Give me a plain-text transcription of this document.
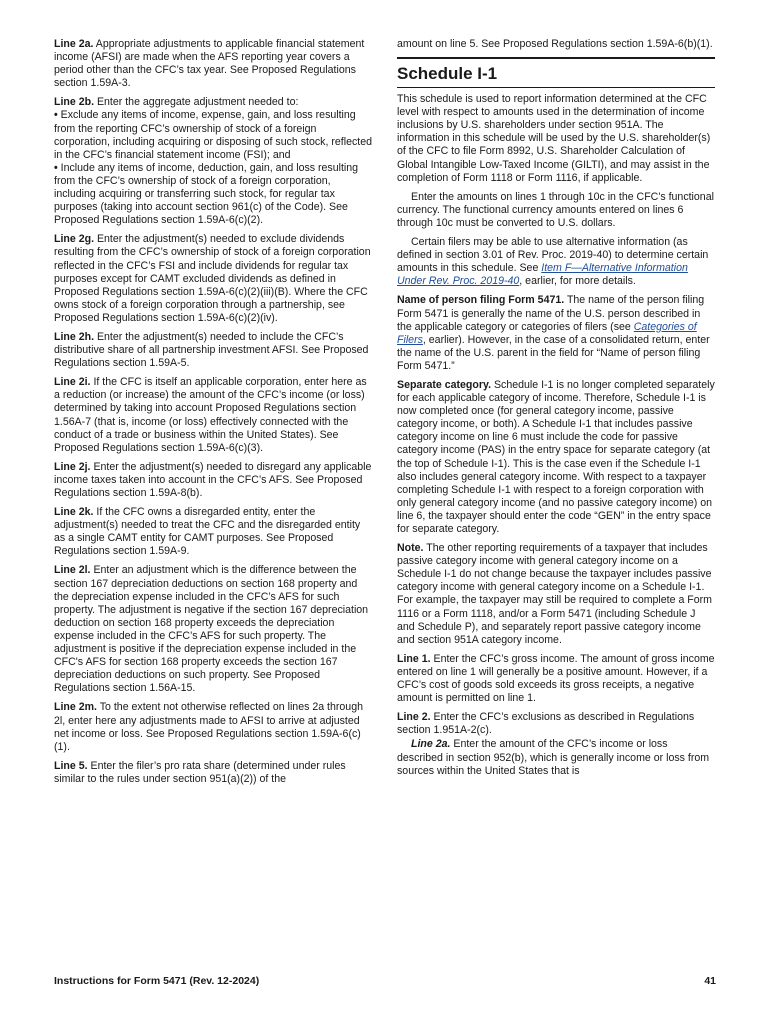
Line 2a. Appropriate adjustments to applicable financial statement income (AFSI) are made when the AFS reporting year covers a period other than the CFC’s tax year. See Proposed Regulations section 1.59A-3.

Line 2b. Enter the aggregate adjustment needed to:

• Exclude any items of income, expense, gain, and loss resulting from the reporting CFC’s ownership of stock of a foreign corporation, including acquiring or disposing of such stock, reflected in the CFC’s financial statement income (FSI); and

• Include any items of income, deduction, gain, and loss resulting from the CFC’s ownership of stock of a foreign corporation, including acquiring or transferring such stock, for regular tax purposes (taking into account section 961(c) of the Code). See Proposed Regulations section 1.59A-6(c)(2).

Line 2g. Enter the adjustment(s) needed to exclude dividends resulting from the CFC’s ownership of stock of a foreign corporation reflected in the CFC’s FSI and include dividends for regular tax purposes except for CAMT excluded dividends as defined in Proposed Regulations section 1.59A-6(c)(2)(iii)(B). Where the CFC owns stock of a foreign corporation through a partnership, see Proposed Regulations section 1.59A-6(c)(2)(iv).

Line 2h. Enter the adjustment(s) needed to include the CFC’s distributive share of all partnership investment AFSI. See Proposed Regulations section 1.59A-5.

Line 2i. If the CFC is itself an applicable corporation, enter here as a reduction (or increase) the amount of the CFC’s income (or loss) determined by taking into account Proposed Regulations section 1.56A-7 (that is, income (or loss) effectively connected with the conduct of a trade or business within the United States). See Proposed Regulations section 1.59A-6(c)(3).

Line 2j. Enter the adjustment(s) needed to disregard any applicable income taxes taken into account in the CFC’s AFS. See Proposed Regulations section 1.59A-8(b).

Line 2k. If the CFC owns a disregarded entity, enter the adjustment(s) needed to treat the CFC and the disregarded entity as a single CAMT entity for CAMT purposes. See Proposed Regulations section 1.59A-9.

Line 2l. Enter an adjustment which is the difference between the section 167 depreciation deductions on section 168 property and the depreciation expense included in the CFC’s AFS for such property. The adjustment is negative if the section 167 depreciation deduction on section 168 property exceeds the depreciation expense included in the CFC’s AFS for such property. The adjustment is positive if the depreciation expense included in the CFC's AFS for section 168 property exceeds the section 167 depreciation deductions on such property. See Proposed Regulations section 1.56A-15.

Line 2m. To the extent not otherwise reflected on lines 2a through 2l, enter here any adjustments made to AFSI to arrive at adjusted net income or loss. See Proposed Regulations section 1.59A-6(c)(1).

Line 5. Enter the filer’s pro rata share (determined under rules similar to the rules under section 951(a)(2)) of the

amount on line 5. See Proposed Regulations section 1.59A-6(b)(1).

Schedule I-1

This schedule is used to report information determined at the CFC level with respect to amounts used in the determination of income inclusions by U.S. shareholders under section 951A. The information in this schedule will be used by the U.S. shareholder(s) of the CFC to file Form 8992, U.S. Shareholder Calculation of Global Intangible Low-Taxed Income (GILTI), and may assist in the completion of Form 1118 or Form 1116, if applicable.

Enter the amounts on lines 1 through 10c in the CFC's functional currency. The functional currency amounts entered on lines 6 through 10c must be converted to U.S. dollars.

Certain filers may be able to use alternative information (as defined in section 3.01 of Rev. Proc. 2019-40) to determine certain amounts in this schedule. See Item F—Alternative Information Under Rev. Proc. 2019-40, earlier, for more details.

Name of person filing Form 5471. The name of the person filing Form 5471 is generally the name of the U.S. person described in the applicable category or categories of filers (see Categories of Filers, earlier). However, in the case of a consolidated return, enter the name of the U.S. parent in the field for “Name of person filing Form 5471.”

Separate category. Schedule I-1 is no longer completed separately for each applicable category of income. Therefore, Schedule I-1 is now completed once (for general category income, passive category income, or both). A Schedule I-1 that includes passive category income on line 6 must include the code for passive category income (PAS) in the entry space for separate category (at the top of Schedule I-1). This is the case even if the Schedule I-1 also includes general category income. With respect to a taxpayer completing Schedule I-1 with respect to a foreign corporation with only general category income (and no passive category income) on line 6, the taxpayer should enter the code “GEN” in the entry space for separate category.

Note. The other reporting requirements of a taxpayer that includes passive category income with general category income on a Schedule I-1 do not change because the taxpayer includes passive category income with general category income on a Schedule I-1. For example, the taxpayer may still be required to complete a Form 1116 or a Form 1118, and/or a Form 5471 (including Schedule J and Schedule P), and separately report passive category income and section 951A category income.

Line 1. Enter the CFC’s gross income. The amount of gross income entered on line 1 will generally be a positive amount. However, if a CFC’s cost of goods sold exceeds its gross receipts, a negative amount is permitted on line 1.

Line 2. Enter the CFC’s exclusions as described in Regulations section 1.951A-2(c).

Line 2a. Enter the amount of the CFC’s income or loss described in section 952(b), which is generally income or loss from sources within the United States that is

Instructions for Form 5471 (Rev. 12-2024)	41
